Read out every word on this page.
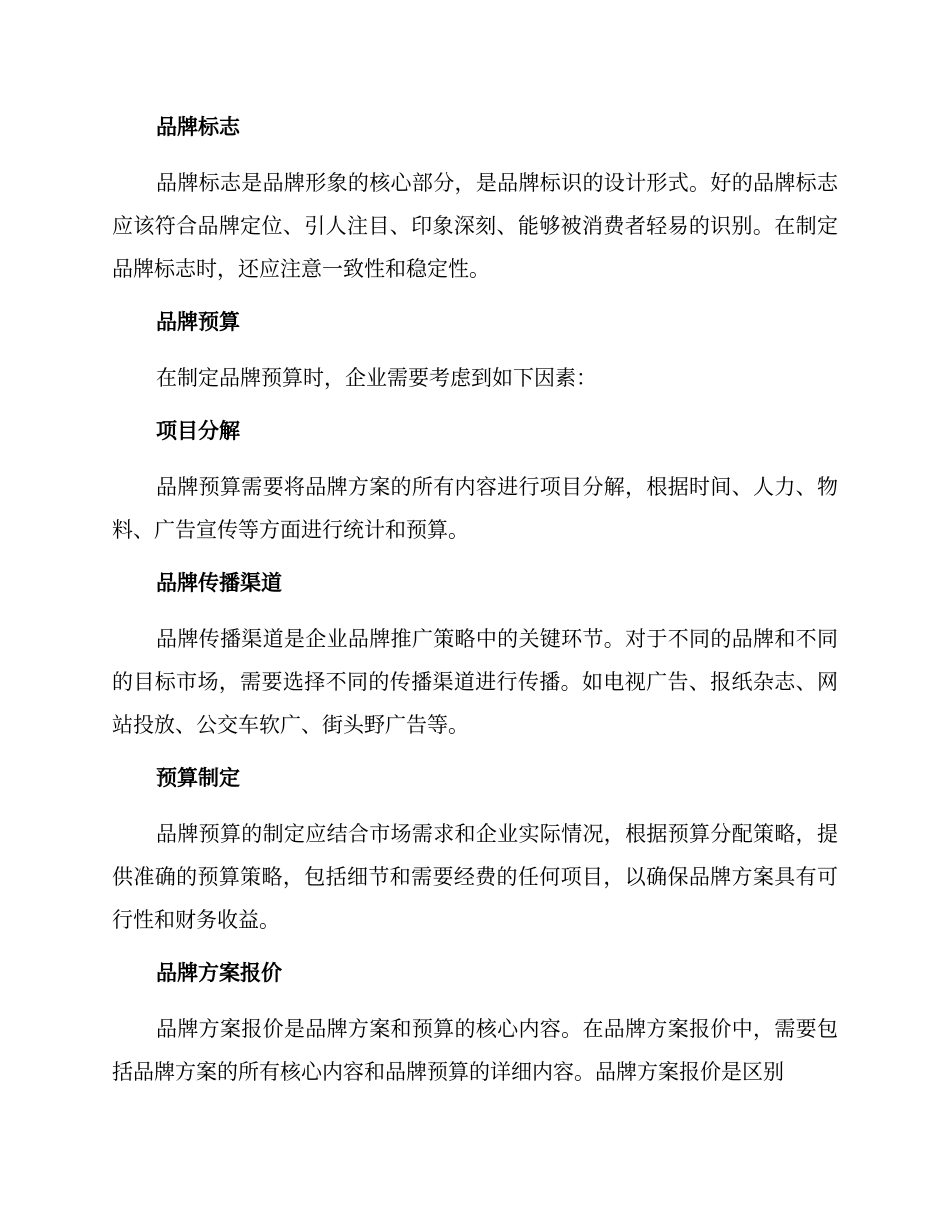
品牌标志

品牌标志是品牌形象的核心部分，是品牌标识的设计形式。好的品牌标志应该符合品牌定位、引人注目、印象深刻、能够被消费者轻易的识别。在制定品牌标志时，还应注意一致性和稳定性。

品牌预算

在制定品牌预算时，企业需要考虑到如下因素：

项目分解

品牌预算需要将品牌方案的所有内容进行项目分解，根据时间、人力、物料、广告宣传等方面进行统计和预算。

品牌传播渠道

品牌传播渠道是企业品牌推广策略中的关键环节。对于不同的品牌和不同的目标市场，需要选择不同的传播渠道进行传播。如电视广告、报纸杂志、网站投放、公交车软广、街头野广告等。

预算制定

品牌预算的制定应结合市场需求和企业实际情况，根据预算分配策略，提供准确的预算策略，包括细节和需要经费的任何项目，以确保品牌方案具有可行性和财务收益。

品牌方案报价

品牌方案报价是品牌方案和预算的核心内容。在品牌方案报价中，需要包括品牌方案的所有核心内容和品牌预算的详细内容。品牌方案报价是区别
